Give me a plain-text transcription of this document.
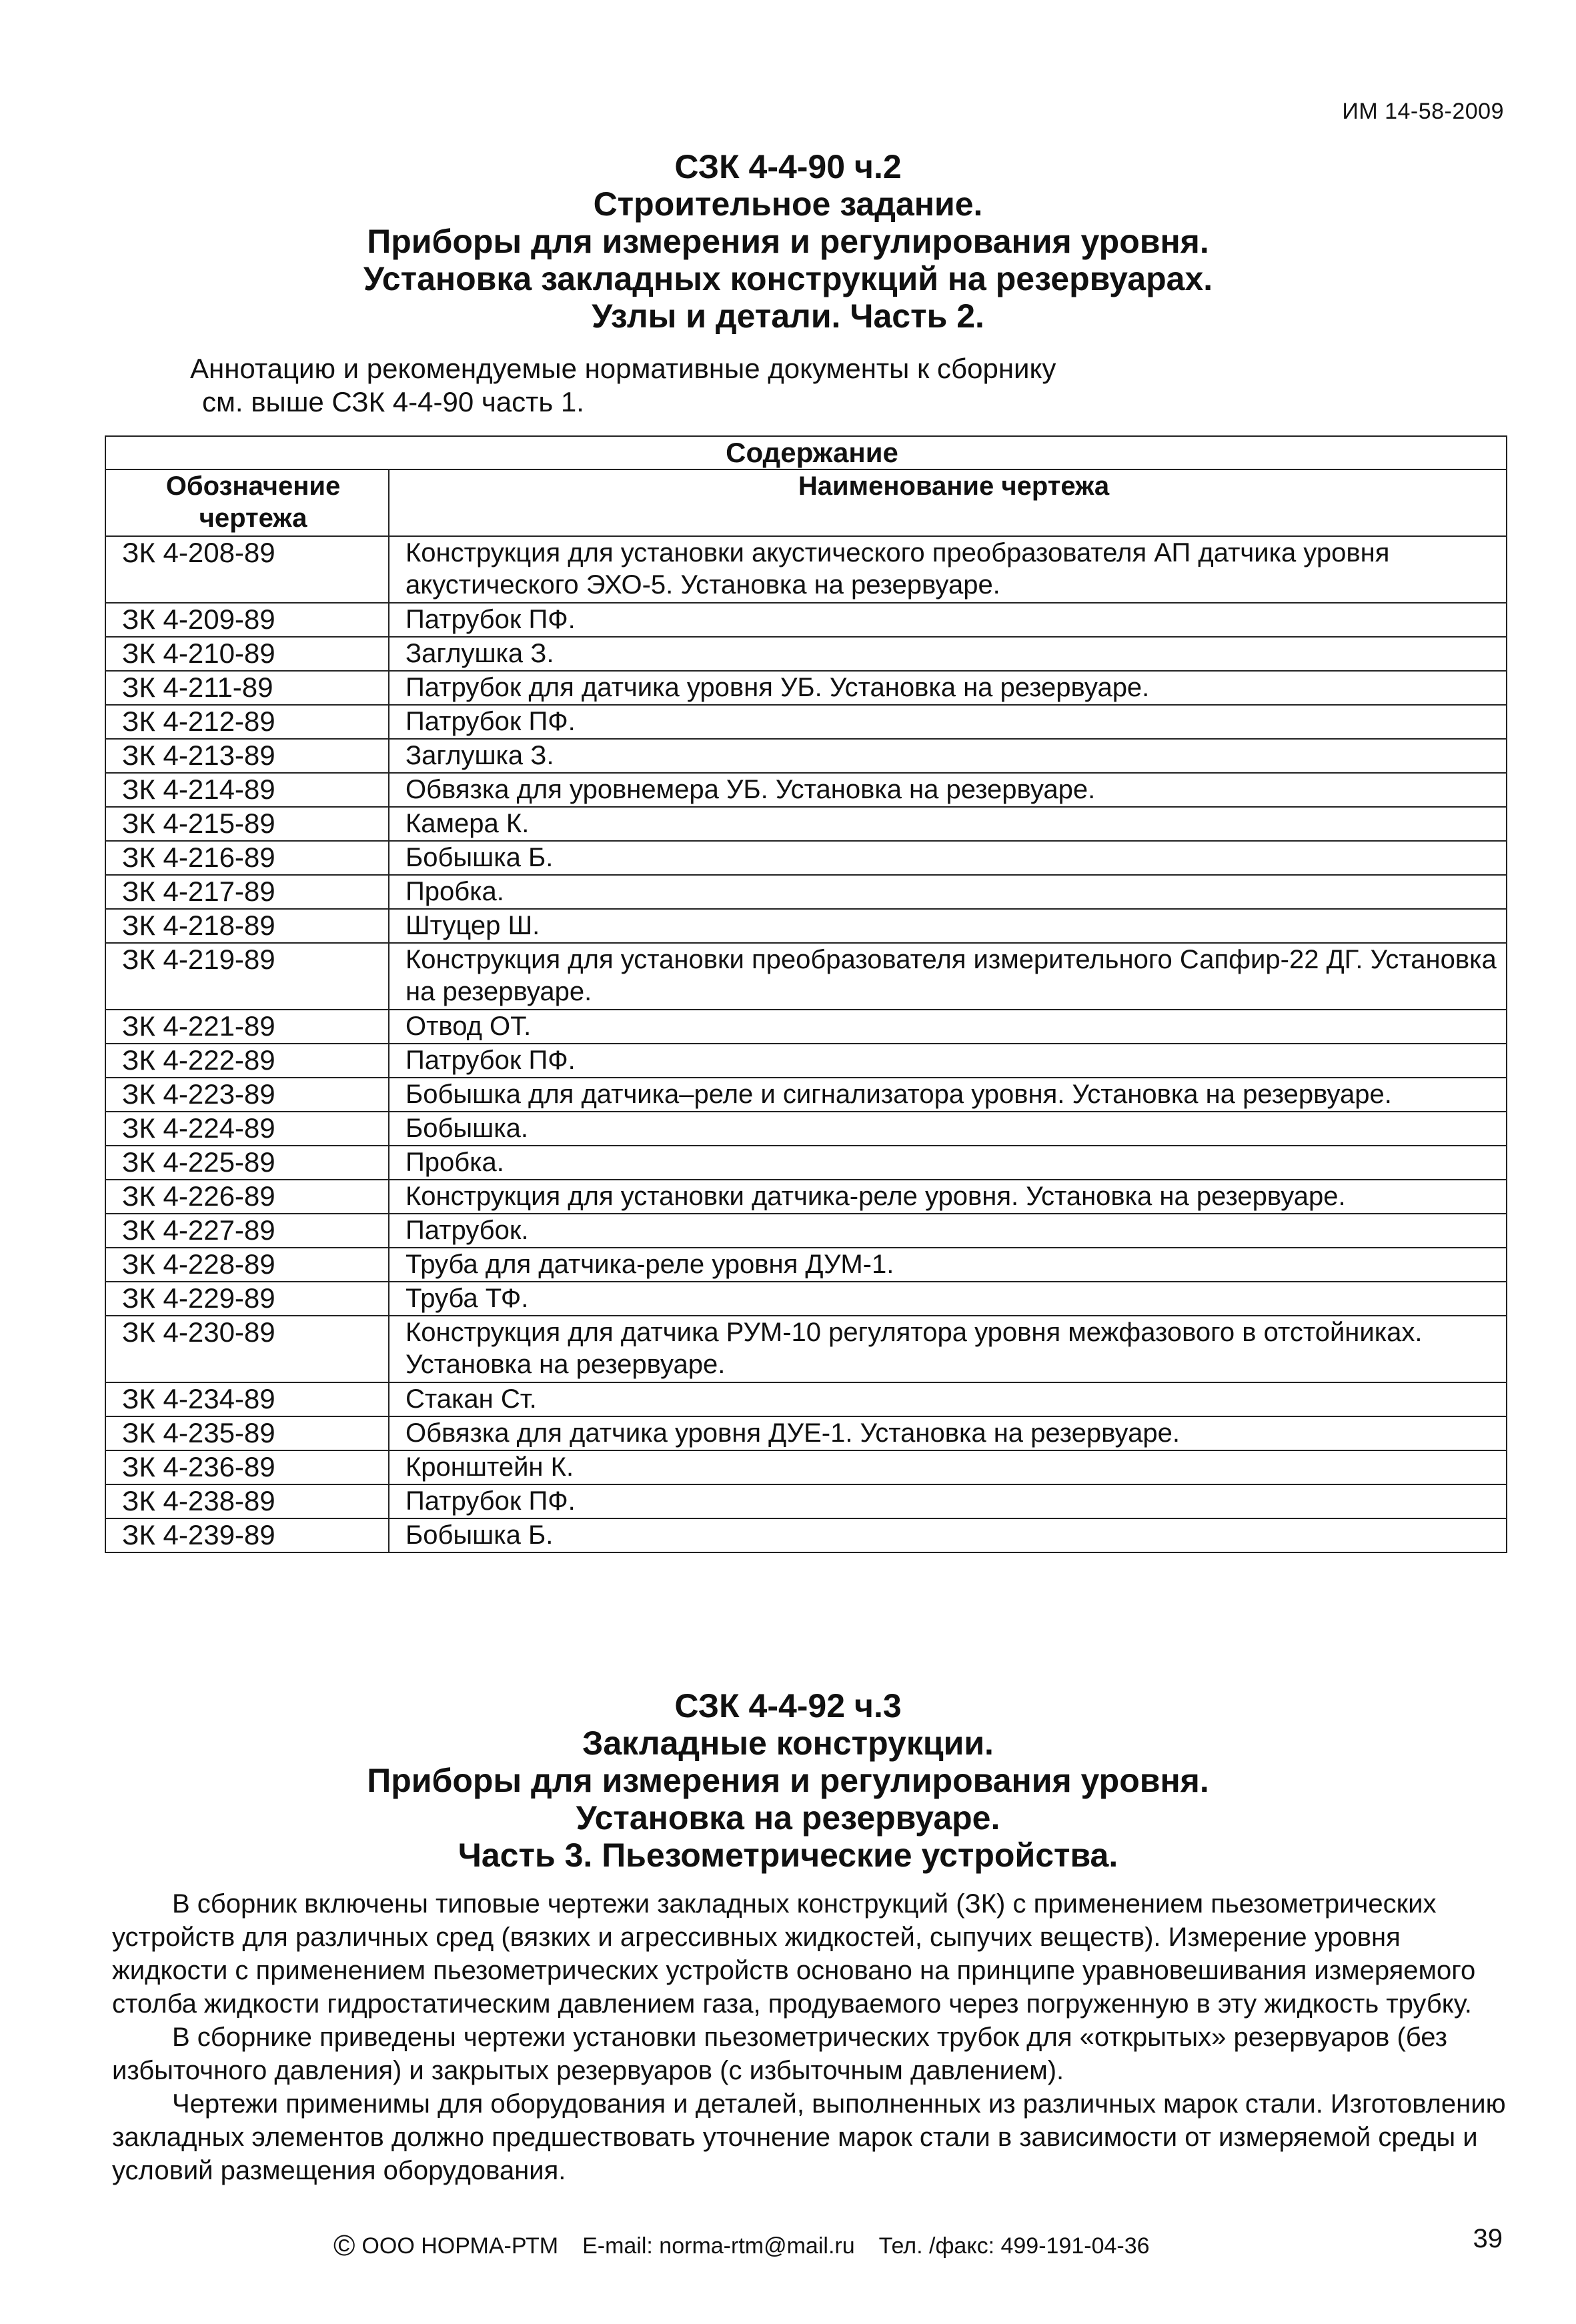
ИМ 14-58-2009
СЗК 4-4-90 ч.2
Строительное задание.
Приборы для измерения и регулирования уровня.
Установка закладных конструкций на резервуарах.
Узлы и детали. Часть 2.
Аннотацию и рекомендуемые нормативные документы к сборнику
см. выше СЗК 4-4-90 часть 1.
Содержание	
Обозначение чертежа	Наименование чертежа
ЗК 4-208-89	Конструкция для установки акустического преобразователя АП датчика уровня акустического ЭХО-5. Установка на резервуаре.
ЗК 4-209-89	Патрубок ПФ.
ЗК 4-210-89	Заглушка З.
ЗК 4-211-89	Патрубок для датчика уровня УБ. Установка на резервуаре.
ЗК 4-212-89	Патрубок ПФ.
ЗК 4-213-89	Заглушка З.
ЗК 4-214-89	Обвязка для уровнемера УБ. Установка на резервуаре.
ЗК 4-215-89	Камера К.
ЗК 4-216-89	Бобышка Б.
ЗК 4-217-89	Пробка.
ЗК 4-218-89	Штуцер Ш.
ЗК 4-219-89	Конструкция для установки преобразователя измерительного Сапфир-22 ДГ. Установка на резервуаре.
ЗК 4-221-89	Отвод ОТ.
ЗК 4-222-89	Патрубок ПФ.
ЗК 4-223-89	Бобышка для датчика–реле и сигнализатора уровня. Установка на резервуаре.
ЗК 4-224-89	Бобышка.
ЗК 4-225-89	Пробка.
ЗК 4-226-89	Конструкция для установки датчика-реле уровня. Установка на резервуаре.
ЗК 4-227-89	Патрубок.
ЗК 4-228-89	Труба для датчика-реле уровня ДУМ-1.
ЗК 4-229-89	Труба ТФ.
ЗК 4-230-89	Конструкция для датчика РУМ-10 регулятора уровня межфазового в отстойниках. Установка на резервуаре.
ЗК 4-234-89	Стакан Ст.
ЗК 4-235-89	Обвязка для датчика уровня ДУЕ-1. Установка на резервуаре.
ЗК 4-236-89	Кронштейн К.
ЗК 4-238-89	Патрубок ПФ.
ЗК 4-239-89	Бобышка Б.
СЗК 4-4-92 ч.3
Закладные конструкции.
Приборы для измерения и регулирования уровня.
Установка на резервуаре.
Часть 3. Пьезометрические устройства.

В сборник включены типовые чертежи закладных конструкций (ЗК) с применением пьезометрических устройств для различных сред (вязких и агрессивных жидкостей, сыпучих веществ). Измерение уровня жидкости с применением пьезометрических устройств основано на принципе уравновешивания измеряемого столба жидкости гидростатическим давлением газа, продуваемого через погруженную в эту жидкость трубку.

В сборнике приведены чертежи установки пьезометрических трубок для «открытых» резервуаров (без избыточного давления) и закрытых резервуаров (с избыточным давлением).

Чертежи применимы для оборудования и деталей, выполненных из различных марок стали. Изготовлению закладных элементов должно предшествовать уточнение марок стали в зависимости от измеряемой среды и условий размещения оборудования.

© ООО НОРМА-РТМ E-mail: norma-rtm@mail.ru Тел. /факс: 499-191-04-36	39
